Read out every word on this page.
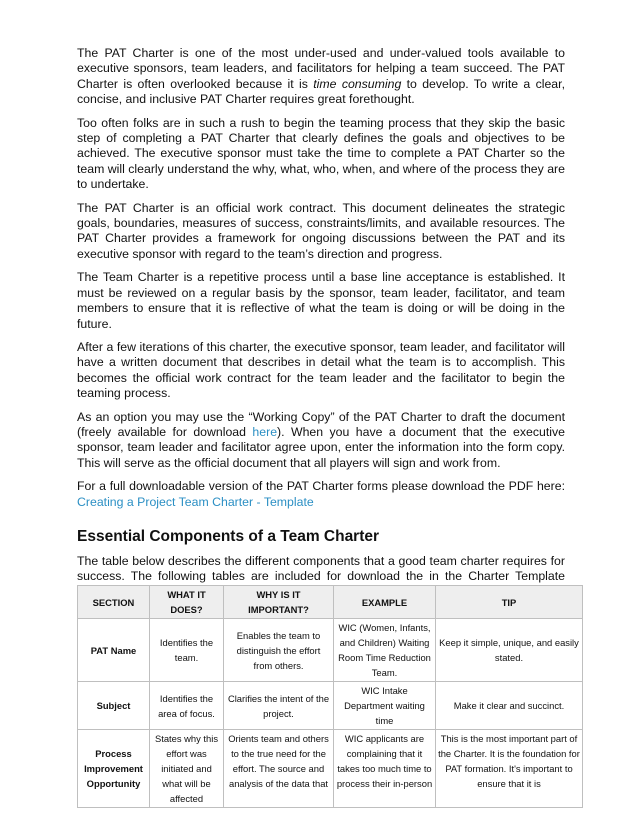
The PAT Charter is one of the most under-used and under-valued tools available to executive sponsors, team leaders, and facilitators for helping a team succeed. The PAT Charter is often overlooked because it is time consuming to develop. To write a clear, concise, and inclusive PAT Charter requires great forethought.

Too often folks are in such a rush to begin the teaming process that they skip the basic step of completing a PAT Charter that clearly defines the goals and objectives to be achieved. The executive sponsor must take the time to complete a PAT Charter so the team will clearly understand the why, what, who, when, and where of the process they are to undertake.

The PAT Charter is an official work contract. This document delineates the strategic goals, boundaries, measures of success, constraints/limits, and available resources. The PAT Charter provides a framework for ongoing discussions between the PAT and its executive sponsor with regard to the team’s direction and progress.

The Team Charter is a repetitive process until a base line acceptance is established. It must be reviewed on a regular basis by the sponsor, team leader, facilitator, and team members to ensure that it is reflective of what the team is doing or will be doing in the future.

After a few iterations of this charter, the executive sponsor, team leader, and facilitator will have a written document that describes in detail what the team is to accomplish. This becomes the official work contract for the team leader and the facilitator to begin the teaming process.

As an option you may use the “Working Copy” of the PAT Charter to draft the document (freely available for download here). When you have a document that the executive sponsor, team leader and facilitator agree upon, enter the information into the form copy. This will serve as the official document that all players will sign and work from.

For a full downloadable version of the PAT Charter forms please download the PDF here: Creating a Project Team Charter - Template

Essential Components of a Team Charter

The table below describes the different components that a good team charter requires for success. The following tables are included for download the in the Charter Template

SECTION	WHAT IT DOES?	WHY IS IT IMPORTANT?	EXAMPLE	TIP
PAT Name	Identifies the team.	Enables the team to distinguish the effort from others.	WIC (Women, Infants, and Children) Waiting Room Time Reduction Team.	Keep it simple, unique, and easily stated.
Subject	Identifies the area of focus.	Clarifies the intent of the project.	WIC Intake Department waiting time	Make it clear and succinct.
Process Improvement Opportunity	States why this effort was initiated and what will be affected	Orients team and others to the true need for the effort. The source and analysis of the data that	WIC applicants are complaining that it takes too much time to process their in-person	This is the most important part of the Charter. It is the foundation for PAT formation. It's important to ensure that it is
